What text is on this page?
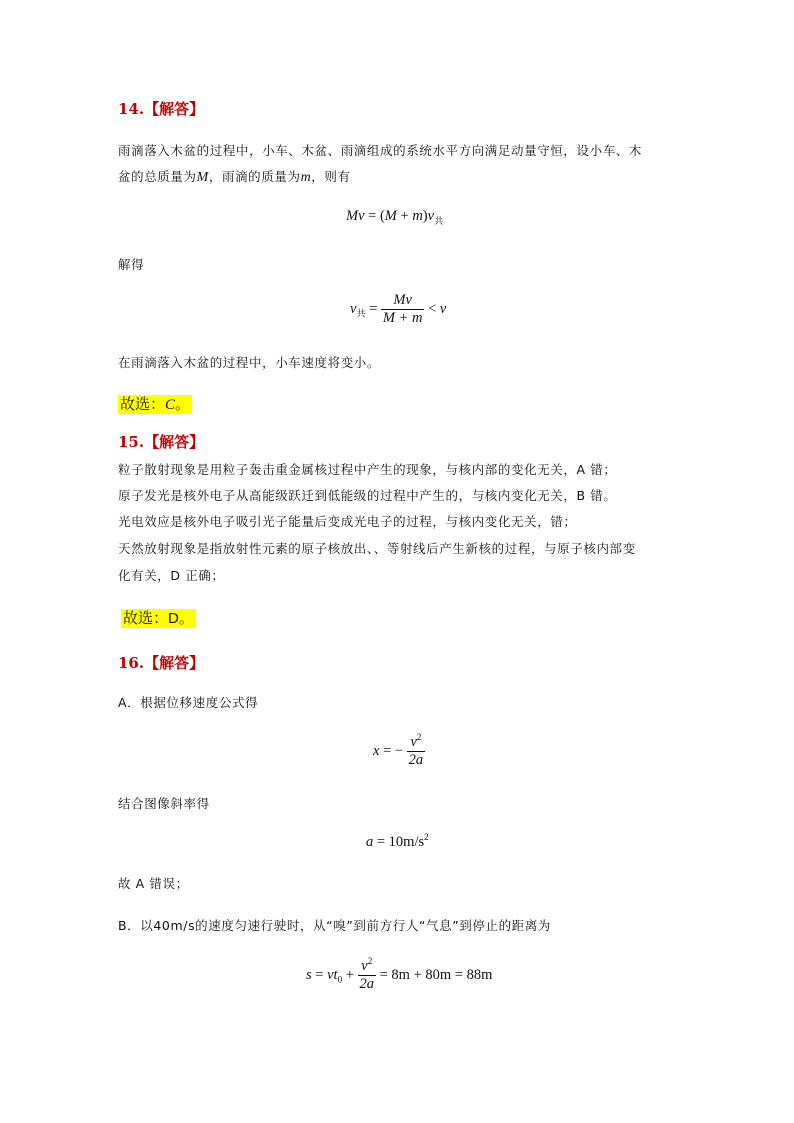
14.【解答】
雨滴落入木盆的过程中，小车、木盆、雨滴组成的系统水平方向满足动量守恒，设小车、木
盆的总质量为M，雨滴的质量为m，则有
$Mv = (M + m)v_共$
解得
$v_共 = \frac{Mv}{M + m} < v$
在雨滴落入木盆的过程中，小车速度将变小。
故选：C。
15.【解答】
粒子散射现象是用粒子轰击重金属核过程中产生的现象，与核内部的变化无关，A 错；
原子发光是核外电子从高能级跃迁到低能级的过程中产生的，与核内变化无关，B 错。
光电效应是核外电子吸引光子能量后变成光电子的过程，与核内变化无关，错；
天然放射现象是指放射性元素的原子核放出、、等射线后产生新核的过程，与原子核内部变
化有关，D 正确；
故选：D。
16.【解答】
A．根据位移速度公式得
x = − $\frac{v^2}{2a}$
结合图像斜率得
$a = 10m/s^2$
故 A 错误；
B．以40m/s的速度匀速行驶时，从“嗅”到前方行人“气息”到停止的距离为
$s = vt_0 + \frac{v^2}{2a} = 8m + 80m = 88m$
